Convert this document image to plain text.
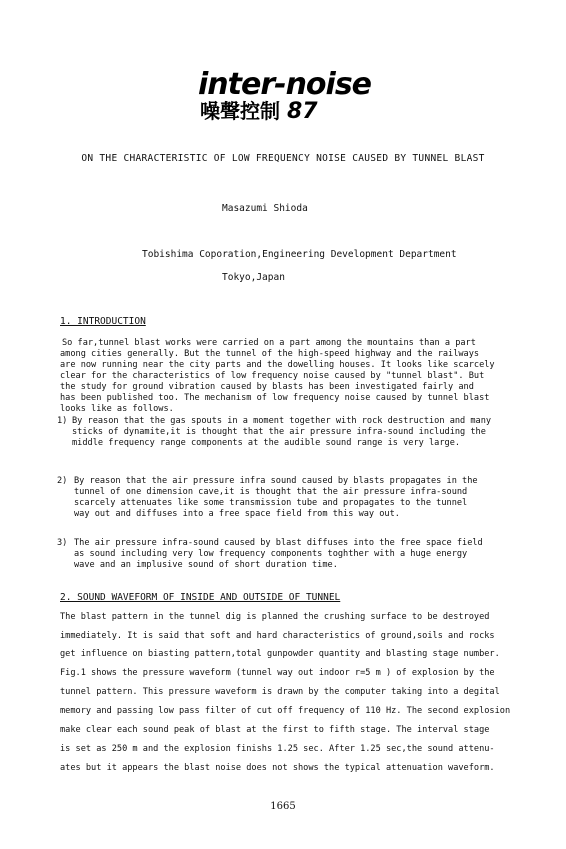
inter-noise
噪聲控制 87
ON THE CHARACTERISTIC OF LOW FREQUENCY NOISE CAUSED BY TUNNEL BLAST
Masazumi Shioda
Tobishima Coporation,Engineering Development Department
Tokyo,Japan
1. INTRODUCTION
So far,tunnel blast works were carried on a part among the mountains than a part
among cities generally. But the tunnel of the high-speed highway and the railways
are now running near the city parts and the dowelling houses. It looks like scarcely
clear for the characteristics of low frequency noise caused by "tunnel blast". But
the study for ground vibration caused by blasts has been investigated fairly and
has been published too. The mechanism of low frequency noise caused by tunnel blast
looks like as follows.
1) By reason that the gas spouts in a moment together with rock destruction and many
sticks of dynamite,it is thought that the air pressure infra-sound including the
middle frequency range components at the audible sound range is very large.
2) By reason that the air pressure infra sound caused by blasts propagates in the
tunnel of one dimension cave,it is thought that the air pressure infra-sound
scarcely attenuates like some transmission tube and propagates to the tunnel
way out and diffuses into a free space field from this way out.
3) The air pressure infra-sound caused by blast diffuses into the free space field
as sound including very low frequency components toghther with a huge energy
wave and an implusive sound of short duration time.
2. SOUND WAVEFORM OF INSIDE AND OUTSIDE OF TUNNEL
The blast pattern in the tunnel dig is planned the crushing surface to be destroyed
immediately. It is said that soft and hard characteristics of ground,soils and rocks
get influence on biasting pattern,total gunpowder quantity and blasting stage number.
Fig.1 shows the pressure waveform (tunnel way out indoor r=5 m ) of explosion by the
tunnel pattern. This pressure waveform is drawn by the computer taking into a degital
memory and passing low pass filter of cut off frequency of 110 Hz. The second explosion
make clear each sound peak of blast at the first to fifth stage. The interval stage
is set as 250 m and the explosion finishs 1.25 sec. After 1.25 sec,the sound attenu-
ates but it appears the blast noise does not shows the typical attenuation waveform.
1665
